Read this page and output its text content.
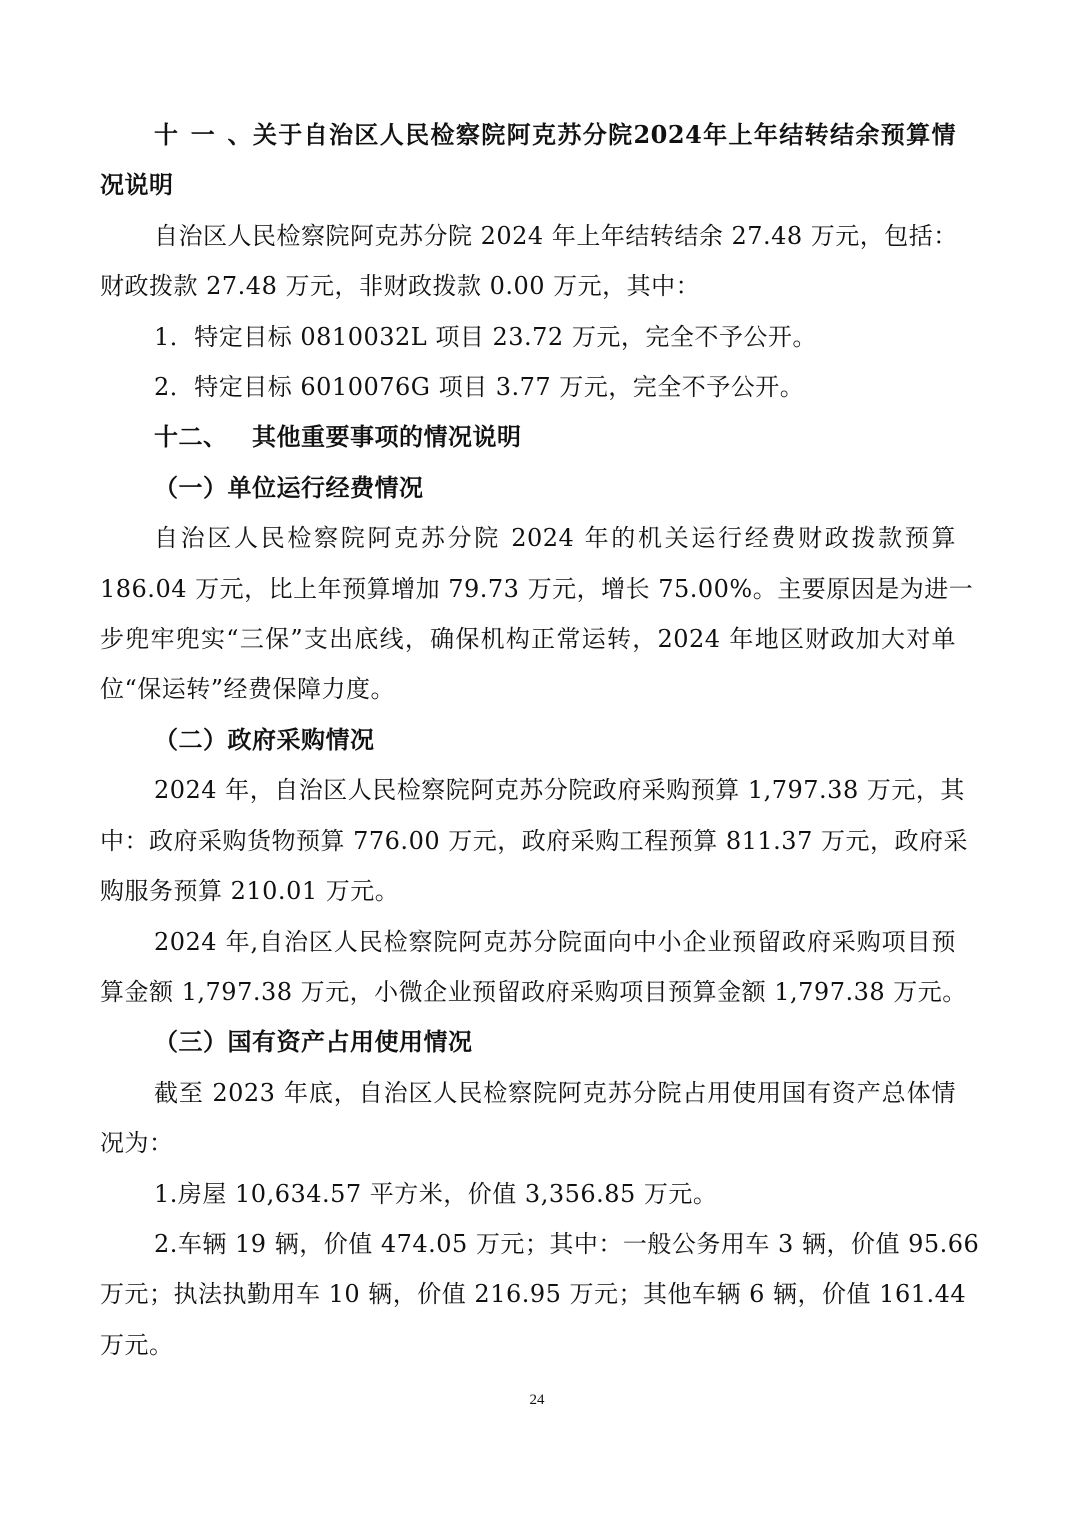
十一、关于自治区人民检察院阿克苏分院2024年上年结转结余预算情
况说明
自治区人民检察院阿克苏分院 2024 年上年结转结余 27.48 万元，包括：
财政拨款 27.48 万元，非财政拨款 0.00 万元，其中：
1．特定目标 0810032L 项目 23.72 万元，完全不予公开。
2．特定目标 6010076G 项目 3.77 万元，完全不予公开。
十二、 其他重要事项的情况说明
（一）单位运行经费情况
自治区人民检察院阿克苏分院 2024 年的机关运行经费财政拨款预算
186.04 万元，比上年预算增加 79.73 万元，增长 75.00%。主要原因是为进一
步兜牢兜实“三保”支出底线，确保机构正常运转，2024 年地区财政加大对单
位“保运转”经费保障力度。
（二）政府采购情况
2024 年，自治区人民检察院阿克苏分院政府采购预算 1,797.38 万元，其
中：政府采购货物预算 776.00 万元，政府采购工程预算 811.37 万元，政府采
购服务预算 210.01 万元。
2024 年,自治区人民检察院阿克苏分院面向中小企业预留政府采购项目预
算金额 1,797.38 万元，小微企业预留政府采购项目预算金额 1,797.38 万元。
（三）国有资产占用使用情况
截至 2023 年底，自治区人民检察院阿克苏分院占用使用国有资产总体情
况为：
1.房屋 10,634.57 平方米，价值 3,356.85 万元。
2.车辆 19 辆，价值 474.05 万元；其中：一般公务用车 3 辆，价值 95.66
万元；执法执勤用车 10 辆，价值 216.95 万元；其他车辆 6 辆，价值 161.44
万元。
24
